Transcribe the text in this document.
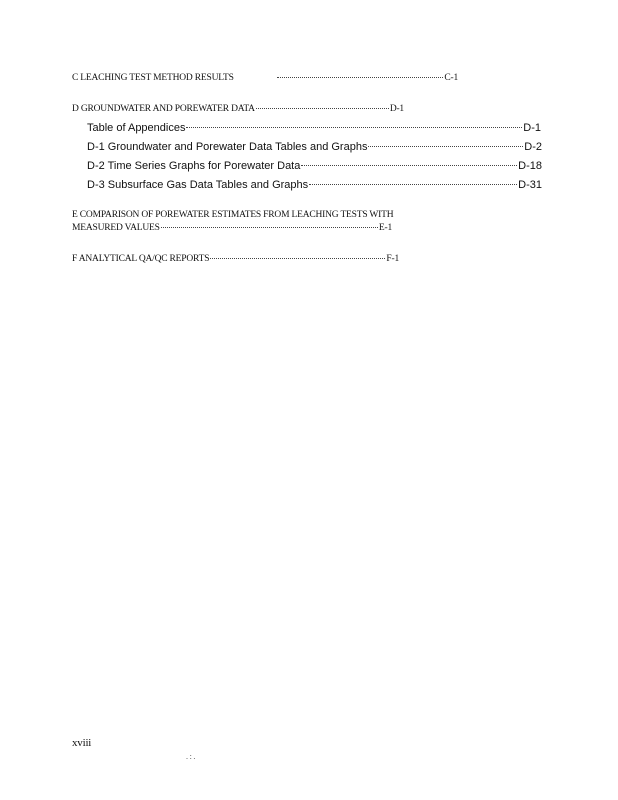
C LEACHING TEST METHOD RESULTS	C-1
D GROUNDWATER AND POREWATER DATA	D-1
Table of Appendices	D-1
D-1 Groundwater and Porewater Data Tables and Graphs	D-2
D-2 Time Series Graphs for Porewater Data	D-18
D-3 Subsurface Gas Data Tables and Graphs	D-31
E COMPARISON OF POREWATER ESTIMATES FROM LEACHING TESTS WITH
MEASURED VALUES	E-1
F ANALYTICAL QA/QC REPORTS	F-1
xviii
. : .
